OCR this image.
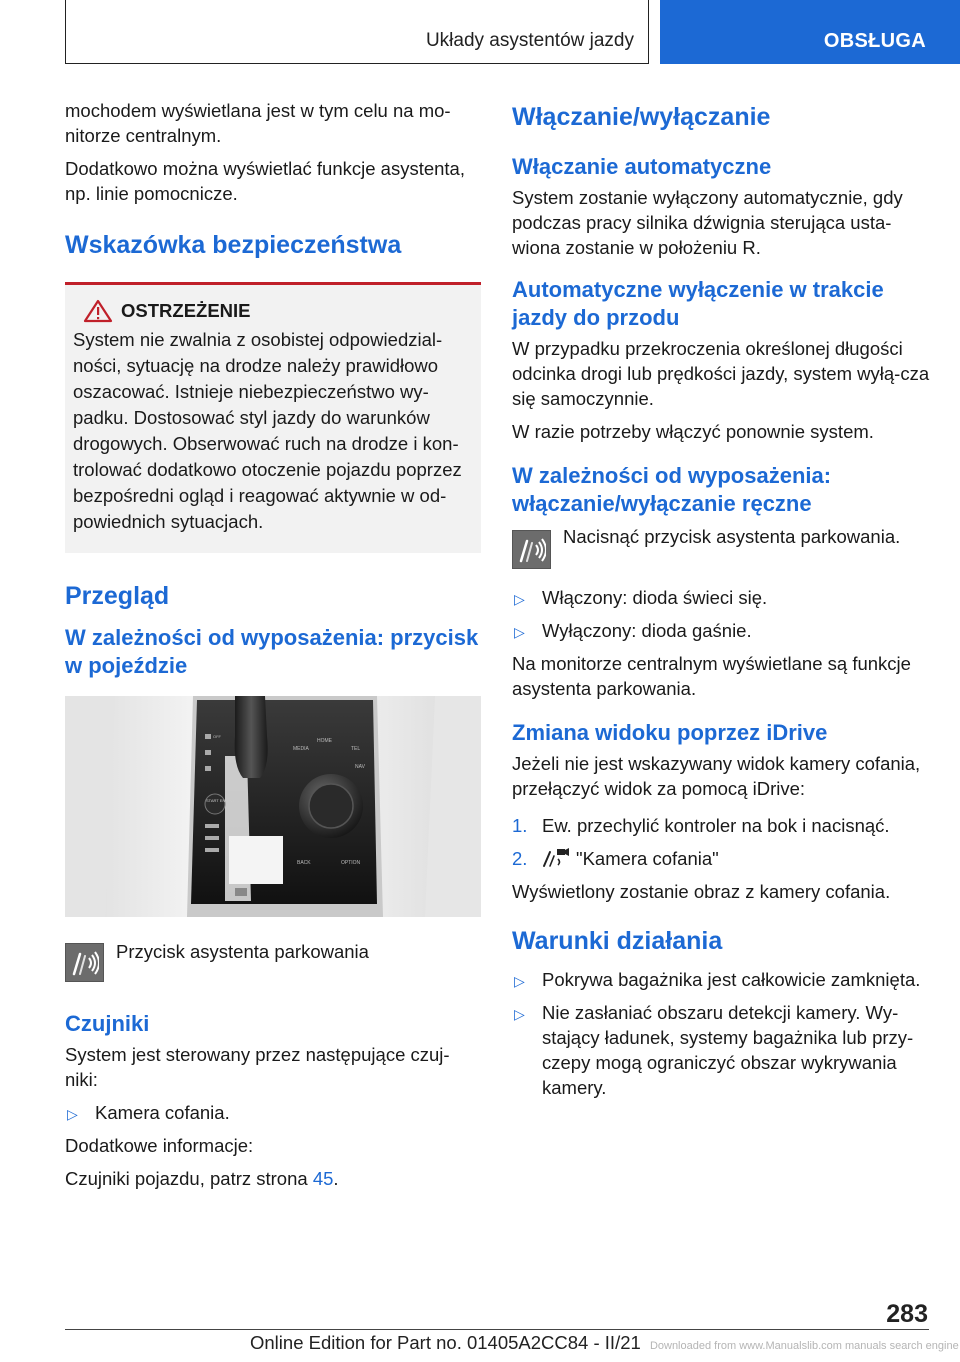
Układy asystentów jazdy	OBSŁUGA

mochodem wyświetlana jest w tym celu na mo-nitorze centralnym.

Dodatkowo można wyświetlać funkcje asystenta, np. linie pomocnicze.

Wskazówka bezpieczeństwa
OSTRZEŻENIE

System nie zwalnia z osobistej odpowiedzial-ności, sytuację na drodze należy prawidłowo oszacować. Istnieje niebezpieczeństwo wy-padku. Dostosować styl jazdy do warunków drogowych. Obserwować ruch na drodze i kon-trolować dodatkowo otoczenie pojazdu poprzez bezpośredni ogląd i reagować aktywnie w od-powiednich sytuacjach.

Przegląd
W zależności od wyposażenia: przycisk w pojeździe
START ENGINE STOP
MEDIA
HOME
TEL
NAV
BACK	OPTION
OFF
Przycisk asystenta parkowania
Czujniki

System jest sterowany przez następujące czuj-niki:

▷ Kamera cofania.

Dodatkowe informacje:

Czujniki pojazdu, patrz strona 45.

Włączanie/wyłączanie
Włączanie automatyczne

System zostanie wyłączony automatycznie, gdy podczas pracy silnika dźwignia sterująca usta-wiona zostanie w położeniu R.

Automatyczne wyłączenie w trakcie jazdy do przodu

W przypadku przekroczenia określonej długości odcinka drogi lub prędkości jazdy, system wyłą-cza się samoczynnie.

W razie potrzeby włączyć ponownie system.

W zależności od wyposażenia: włączanie/wyłączanie ręczne
Nacisnąć przycisk asystenta parkowania.
▷ Włączony: dioda świeci się.
▷ Wyłączony: dioda gaśnie.

Na monitorze centralnym wyświetlane są funkcje asystenta parkowania.

Zmiana widoku poprzez iDrive

Jeżeli nie jest wskazywany widok kamery cofania, przełączyć widok za pomocą iDrive:

1. Ew. przechylić kontroler na bok i nacisnąć.
2.	"Kamera cofania"

Wyświetlony zostanie obraz z kamery cofania.

Warunki działania
▷ Pokrywa bagażnika jest całkowicie zamknięta.
▷ Nie zasłaniać obszaru detekcji kamery. Wy-stający ładunek, systemy bagażnika lub przy-czepy mogą ograniczyć obszar wykrywania kamery.
283
Online Edition for Part no. 01405A2CC84 - II/21 Downloaded from www.Manualslib.com manuals search engine
